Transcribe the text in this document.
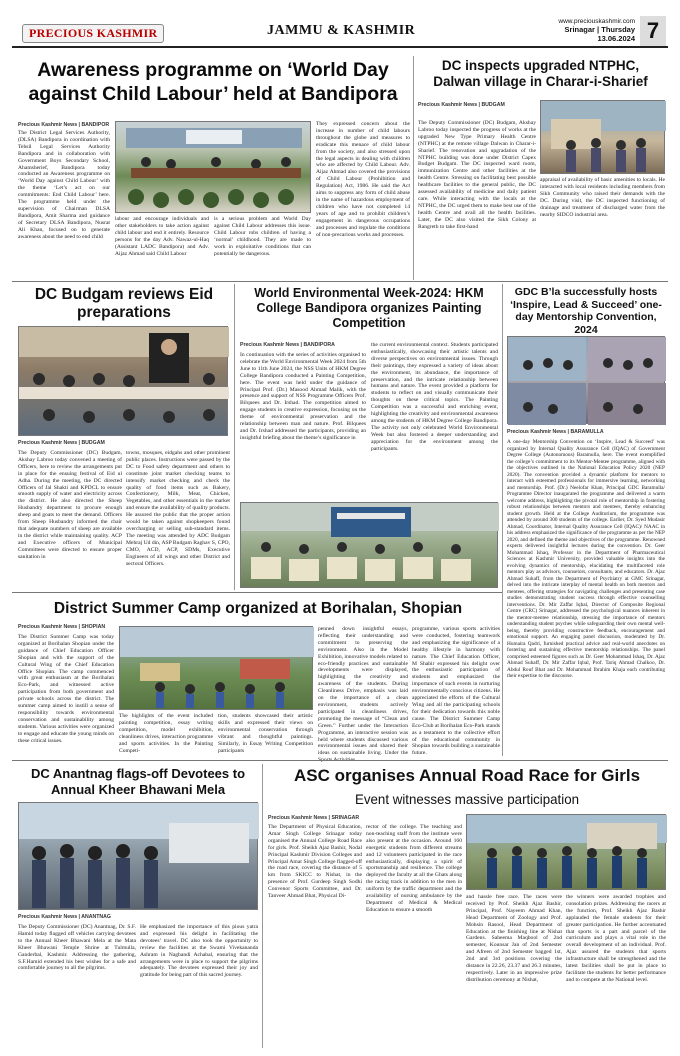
PRECIOUS KASHMIR	JAMMU & KASHMIR
www.preciouskashmir.com
Srinagar | Thursday
13.06.2024 7
Awareness programme on ‘World Day against Child Labour’ held at Bandipora
Precious Kashmir News | BANDIPOR
The District Legal Services Authority, (DLSA) Bandipora in coordination with Tehsil Legal Services Authority Bandipora and in collaboration with Government Boys Secondary School, Ahamsherief, Bandipora today conducted an Awareness programme on ‘World Day against Child Labour’ with the theme ‘Let’s act on our commitments: End Child Labour’ here. The programme held under the supervision of Chairman DLSA Bandipora, Amit Sharma and guidance of Secretary DLSA Bandipora, Nusrat Ali Khan, focused on to generate awareness about the need to end child
labour and encourage individuals and other stakeholders to take action against child labour and end it entirely. Resource persons for the day Adv. Nawaz-ul-Haq (Assistant LADC Bandipora) and Adv. Aijaz Ahmad said Child Labour
is a serious problem and World Day against Child Labour addresses this issue. Child Labour robs children of having a ‘normal’ childhood. They are made to work in exploitative conditions that can potentially be dangerous.
They expressed concern about the increase in number of child labours throughout the globe and measures to eradicate this menace of child labour from the society, and also stressed upon the legal aspects in dealing with children who are affected by Child Labour. Adv. Aijaz Ahmad also covered the provisions of Child Labour (Prohibition and Regulation) Act, 1986. He said the Act aims to suppress any form of child abuse in the name of hazardous employment of children who have not completed 14 years of age and to prohibit children’s engagement in dangerous occupations and processes and regulate the conditions of non-precarious works and processes.
DC inspects upgraded NTPHC, Dalwan village in Charar-i-Sharief
Precious Kashmir News | BUDGAM
The Deputy Commissioner (DC) Budgam, Akshay Labroo today inspected the progress of works at the upgraded New Type Primary Health Centre (NTPHC) at the remote village Dalwan in Charar-i-Sharief. The renovation and upgradation of the NTPHC building was done under District Capex Budget Budgam. The DC inspected ward room, immunization Centre and other facilities at the health Centre. Stressing on facilitating best possible healthcare facilities to the general public, the DC assessed availability of medicine and daily patient care. While interacting with the locals at the NTPHC, the DC urged them to make best use of the health Centre and avail all the health facilities. Later, the DC also visited the Sikh Colony at Rangreth to take first-hand
appraisal of availability of basic amenities to locals. He interacted with local residents including members from Sikh Community who raised their demands with the DC. During visit, the DC inspected functioning of drainage and treatment of discharged water from the nearby SIDCO industrial area.
DC Budgam reviews Eid preparations
Precious Kashmir News | BUDGAM
The Deputy Commissioner (DC) Budgam, Akshay Labroo today convened a meeting of Officers, here to review the arrangements put in place for the ensuing festival of Eid ul Adha. During the meeting, the DC directed Officers of Jal Shakti and KPDCL to ensure smooth supply of water and electricity across the district. He also directed the Sheep Husbandry department to procure enough sheep and goats to meet the demand. Officers from Sheep Husbandry informed the chair that adequate numbers of sheep are available in the district while maintaining quality. ACP and Executive officers of Municipal Committees were directed to ensure proper sanitation in
towns, mosques, eidgahs and other prominent public places. Instructions were passed by the DC to Food safety department and others to constitute joint market checking teams to intensify market checking and check the quality of food items such as Bakery, Confectionery, Milk, Meat, Chicken, Vegetables, and other essentials in the market and ensure the availability of quality products. He assured the public that the proper action would be taken against shopkeepers found overcharging or selling sub-standard items. The meeting was attended by ADC Budgam Mehraj Ud din, ASP Budgam Raghav S, CPO, CMO, ACD, ACP, SDMs, Executive Engineers of all wings and other District and sectoral Officers.
World Environmental Week-2024: HKM College Bandipora organizes Painting Competition
Precious Kashmir News | BANDIPORA
In continuation with the series of activities organised to celebrate the World Environmental Week 2024 from 5th June to 11th June 2024, the NSS Units of HKM Degree College Bandipora conducted a Painting Competition, here. The event was held under the guidance of Principal Prof. (Dr.) Masood Ahmad Malik, with the presence and support of NSS Programme Officers Prof. Bilquees and Dr. Irshad. The competition aimed to engage students in creative expression, focusing on the theme of environmental preservation and the relationship between man and nature. Prof. Bilquees and Dr. Irshad addressed the participants, providing an insightful briefing about the theme’s significance in
the current environmental context. Students participated enthusiastically, showcasing their artistic talents and diverse perspectives on environmental issues. Through their paintings, they expressed a variety of ideas about the environment, its abundance, the importance of preservation, and the intricate relationship between humans and nature. The event provided a platform for students to reflect on and visually communicate their thoughts on these critical topics. The Painting Competition was a successful and enriching event, highlighting the creativity and environmental awareness among the students of HKM Degree College Bandipora. The activity not only celebrated World Environmental Week but also fostered a deeper understanding and appreciation for the environment among the participants.
GDC B’la successfully hosts ‘Inspire, Lead & Succeed’ one-day Mentorship Convention, 2024
Precious Kashmir News | BARAMULLA
A one-day Mentorship Convention on ‘Inspire, Lead & Succeed’ was organized by Internal Quality Assurance Cell (IQAC) of Government Degree College (Autonomous) Baramulla, here. The event exemplified the college’s commitment to its Mentor-Mentee programme, aligned with the objectives outlined in the National Education Policy 2020 (NEP 2020). The convention provided a dynamic platform for mentors to interact with esteemed professionals for immersive learning, networking and mentorship. Prof. (Dr.) Neelofar Khan, Principal GDC Baramulla/ Programme Director inaugurated the programme and delivered a warm welcome address, highlighting the pivotal role of mentorship in fostering robust relationships between mentors and mentees, thereby enhancing student growth. Held at the College Auditorium, the programme was attended by around 300 students of the college. Earlier, Dr. Syed Mudasir Ahmad, Coordinator, Internal Quality Assurance Cell (IQAC)/ NAAC in his address emphasized the significance of the programme as per the NEP 2020, and defined the theme and objectives of the programme. Renowned experts delivered insightful lectures during the convention. Dr. Geer Mohammad Ishaq, Professor in the Department of Pharmaceutical Sciences at Kashmir University, provided valuable insights into the evolving dynamics of mentorship, elucidating the multifaceted role mentors play as advisors, counselors, consultants, and educators. Dr. Ajaz Ahmad Suhaff, from the Department of Psychiatry at GMC Srinagar, delved into the intricate interplay of mental health on both mentors and mentees, offering strategies for navigating challenges and presenting case studies demonstrating student success through effective counselling interventions. Dr. Mir Zaffar Iqbal, Director of Composite Regional Centre (CRC) Srinagar, addressed the psychological nuances inherent in the mentor-mentee relationship, stressing the importance of mentors understanding student psyches while safeguarding their own mental well-being, thereby providing constructive feedback, encouragement and emotional support. An engaging panel discussion, moderated by Dr. Humaira Qadri, furnished practical advice and real-world anecdotes on fostering and sustaining effective mentorship relationships. The panel comprised esteemed figures such as Dr. Geer Mohammad Ishaq, Dr. Ajaz Ahmad Suhaff, Dr. Mir Zaffar Iqbal, Prof. Tariq Ahmad Chalkoo, Dr. Abdul Rouf Bhat and Dr. Mohammad Ibrahim Khaja each contributing their expertise to the discourse.
District Summer Camp organized at Borihalan, Shopian
Precious Kashmir News | SHOPIAN
The District Summer Camp was today organized at Borihalan Shopian under the guidance of Chief Education Officer Shopian and with the support of the Cultural Wing of the Chief Education Office Shopian. The camp commenced with great enthusiasm at the Borihalan Eco-Park, and witnessed active participation from both government and private schools across the district. The summer camp aimed to instill a sense of responsibility towards environmental conservation and sustainability among students. Various activities were organized to engage and educate the young minds on these critical issues.
The highlights of the event included painting competition, essay writing competition, model exhibition, cleanliness drives, interaction programme and sports activities. In the Painting Competi-
tion, students showcased their artistic skills and expressed their views on environmental conservation through vibrant and thoughtful paintings. Similarly, in Essay Writing Competition participants
penned down insightful essays, reflecting their understanding and commitment to preserving the environment. Also in the Model Exhibition, innovative models related to eco-friendly practices and sustainable developments were displayed, highlighting the creativity and awareness of the students. During Cleanliness Drive, emphasis was laid on the importance of a clean environment, students actively participated in cleanliness drives, promoting the message of “Clean and Green.” Further under the Interaction Programme, an interactive session was held where students discussed various environmental issues and shared their ideas on sustainable living. Under the
programme, various sports activities were conducted, fostering teamwork and emphasizing the significance of a healthy lifestyle in harmony with nature. The Chief Education Officer, M Shabir expressed his delight over the enthusiastic participation of students and emphasized the importance of such events in nurturing environmentally conscious citizens. He appreciated the efforts of the Cultural Wing and all the participating schools for their dedication towards this noble cause. The District Summer Camp Eco-Club at Borihalan Eco-Park stands as a testament to the collective effort of the educational community in Shopian towards building a sustainable future.
DC Anantnag flags-off Devotees to Annual Kheer Bhawani Mela
Precious Kashmir News | ANANTNAG
The Deputy Commissioner (DC) Anantnag, Dr. S.F. Hamid today flagged off vehicles carrying devotees to the Annual Kheer Bhawani Mela at the Mata Kheer Bhawani Temple Shrine at Tulmulla, Ganderbal, Kashmir. Addressing the gathering, S.F.Hamid extended his best wishes for a safe and comfortable journey to all the pilgrims.
He emphasized the importance of this pious yatra and expressed his delight in facilitating the devotees’ travel. DC also took the opportunity to review the facilities at the Swami Vivekananda Ashram in Nagbandi Achabal, ensuring that the arrangements were in place to support the pilgrims adequately. The devotees expressed their joy and gratitude for being part of this sacred journey.
ASC organises Annual Road Race for Girls
Event witnesses massive participation
Precious Kashmir News | SRINAGAR
The Department of Physical Education, Amar Singh College Srinagar today organised the Annual College Road Race for girls. Prof. Sheikh Ajaz Bashir, Nodal Principal Kashmir Division Colleges and Principal Amar Singh College flagged-off the road race, covering the distance of 5 km from SKICC to Nishat, in the presence of Prof. Gurdeep Singh Sodhi Convenor Sports Committee, and Dr. Tanveer Ahmad Bhat, Physical Di-
rector of the college. The teaching and non-teaching staff from the institute were also present at the occasion. Around 160 energetic students from different streams and 12 volunteers participated in the race enthusiastically, displaying a spirit of sportsmanship and resilience. The college deployed the faculty at all the Ghats along the racing track in addition to the men in uniform by the traffic department and the availability of nursing ambulance by the Department of Medical & Medical Education to ensure a smooth
and hassle free race. The races were received by Prof. Sheikh Ajaz Bashir, Principal, Prof. Nayeem Ahmad Khan, Head Department of Zoology and Prof. Mohsin Rasool, Head Department of Education at the finishing line at Nishat Gardens. Saheema Maqbool of 2nd semester, Kounsar Jan of 2nd Semester and Afreen of 2nd Semester bagged 1st, 2nd and 3rd positions covering the distance in 22.26, 23.37 and 26.3 minutes, respectively. Later in an impressive prize distribution ceremony at Nishat,
the winners were awarded trophies and consolation prizes. Addressing the racers at the function, Prof. Sheikh Ajaz Bashir applauded the female students for their greater participation. He further accentuated that sports is a part and parcel of the curriculum and plays a vital role in the overall development of an individual. Prof. Ajaz assured the students that sports infrastructure shall be strengthened and the latest facilities shall be put in place to facilitate the students for better performance and to compete at the National level.
